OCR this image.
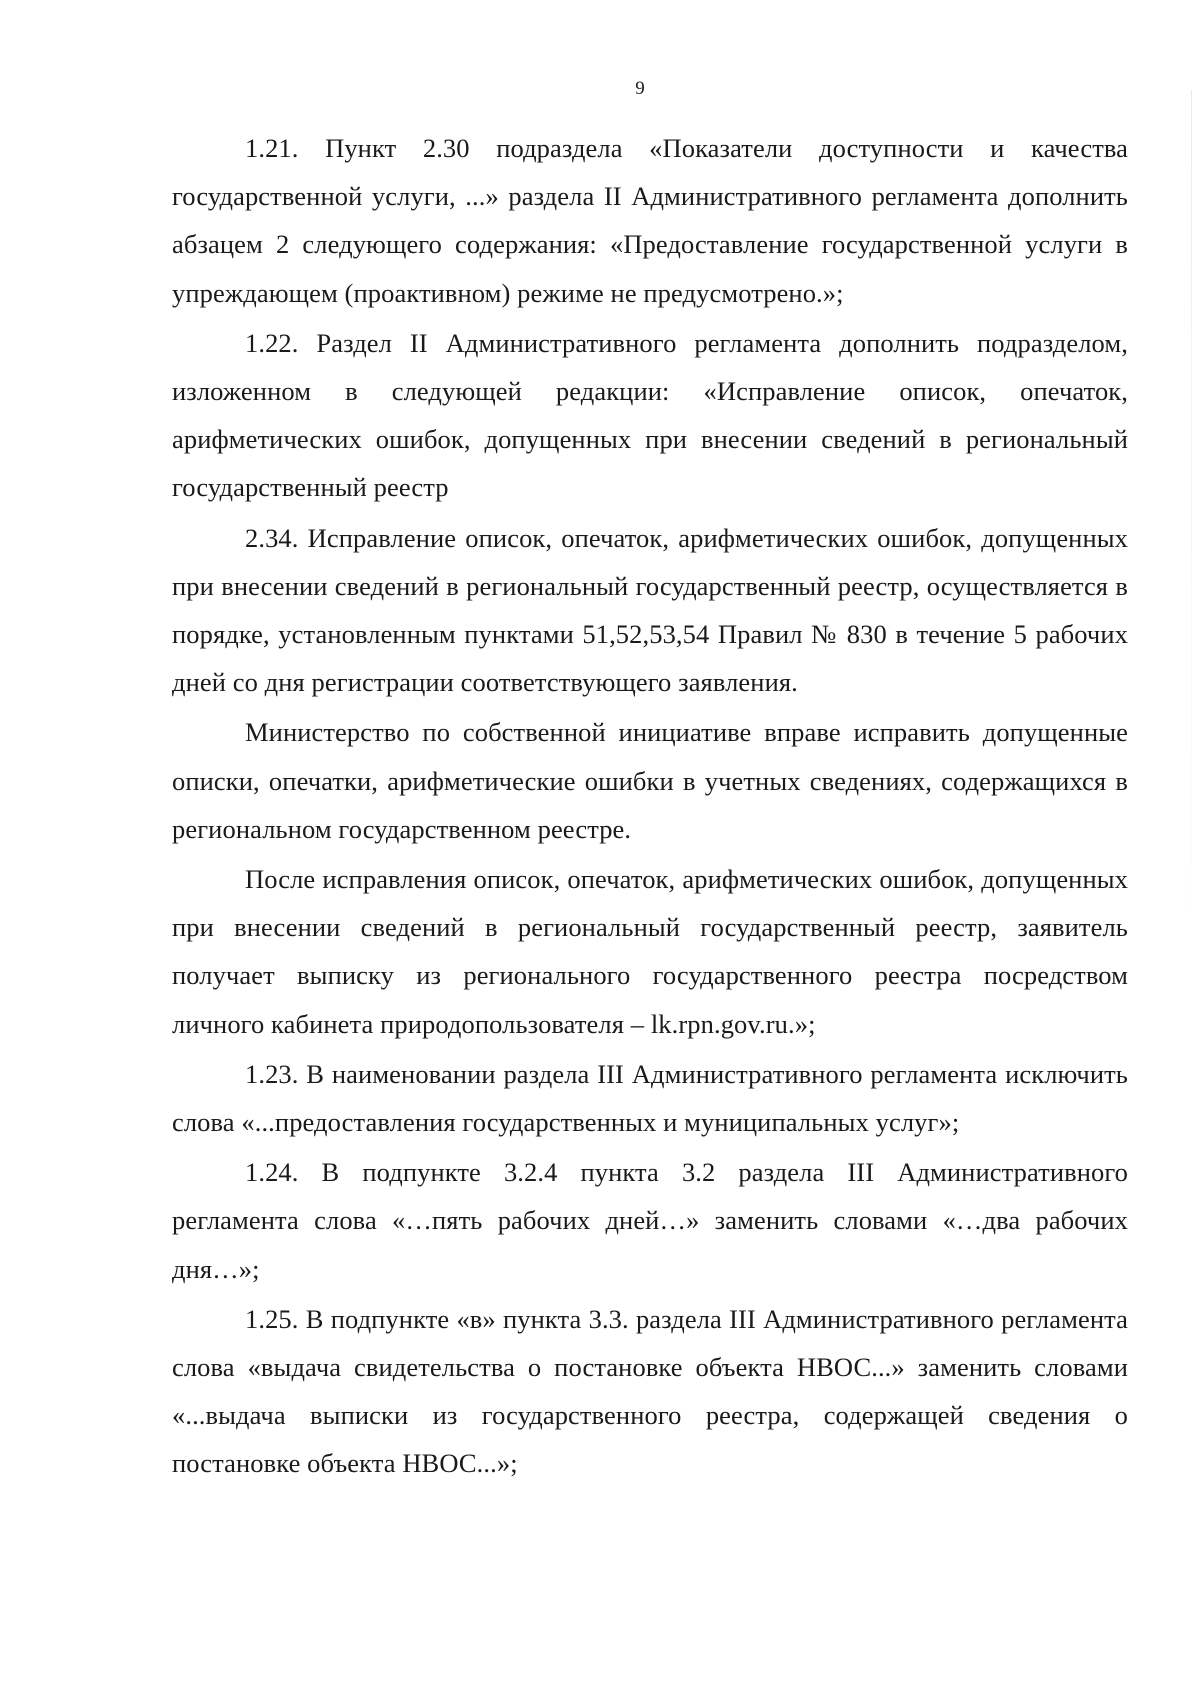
9

1.21. Пункт 2.30 подраздела «Показатели доступности и качества государственной услуги, ...» раздела II Административного регламента дополнить абзацем 2 следующего содержания: «Предоставление государственной услуги в упреждающем (проактивном) режиме не предусмотрено.»;

1.22. Раздел II Административного регламента дополнить подразделом, изложенном в следующей редакции: «Исправление описок, опечаток, арифметических ошибок, допущенных при внесении сведений в региональный государственный реестр

2.34. Исправление описок, опечаток, арифметических ошибок, допущенных при внесении сведений в региональный государственный реестр, осуществляется в порядке, установленным пунктами 51,52,53,54 Правил № 830 в течение 5 рабочих дней со дня регистрации соответствующего заявления.

Министерство по собственной инициативе вправе исправить допущенные описки, опечатки, арифметические ошибки в учетных сведениях, содержащихся в региональном государственном реестре.

После исправления описок, опечаток, арифметических ошибок, допущенных при внесении сведений в региональный государственный реестр, заявитель получает выписку из регионального государственного реестра посредством личного кабинета природопользователя – lk.rpn.gov.ru.»;

1.23. В наименовании раздела III Административного регламента исключить слова «...предоставления государственных и муниципальных услуг»;

1.24. В подпункте 3.2.4 пункта 3.2 раздела III Административного регламента слова «…пять рабочих дней…» заменить словами «…два рабочих дня…»;

1.25. В подпункте «в» пункта 3.3. раздела III Административного регламента слова «выдача свидетельства о постановке объекта НВОС...» заменить словами «...выдача выписки из государственного реестра, содержащей сведения о постановке объекта НВОС...»;
